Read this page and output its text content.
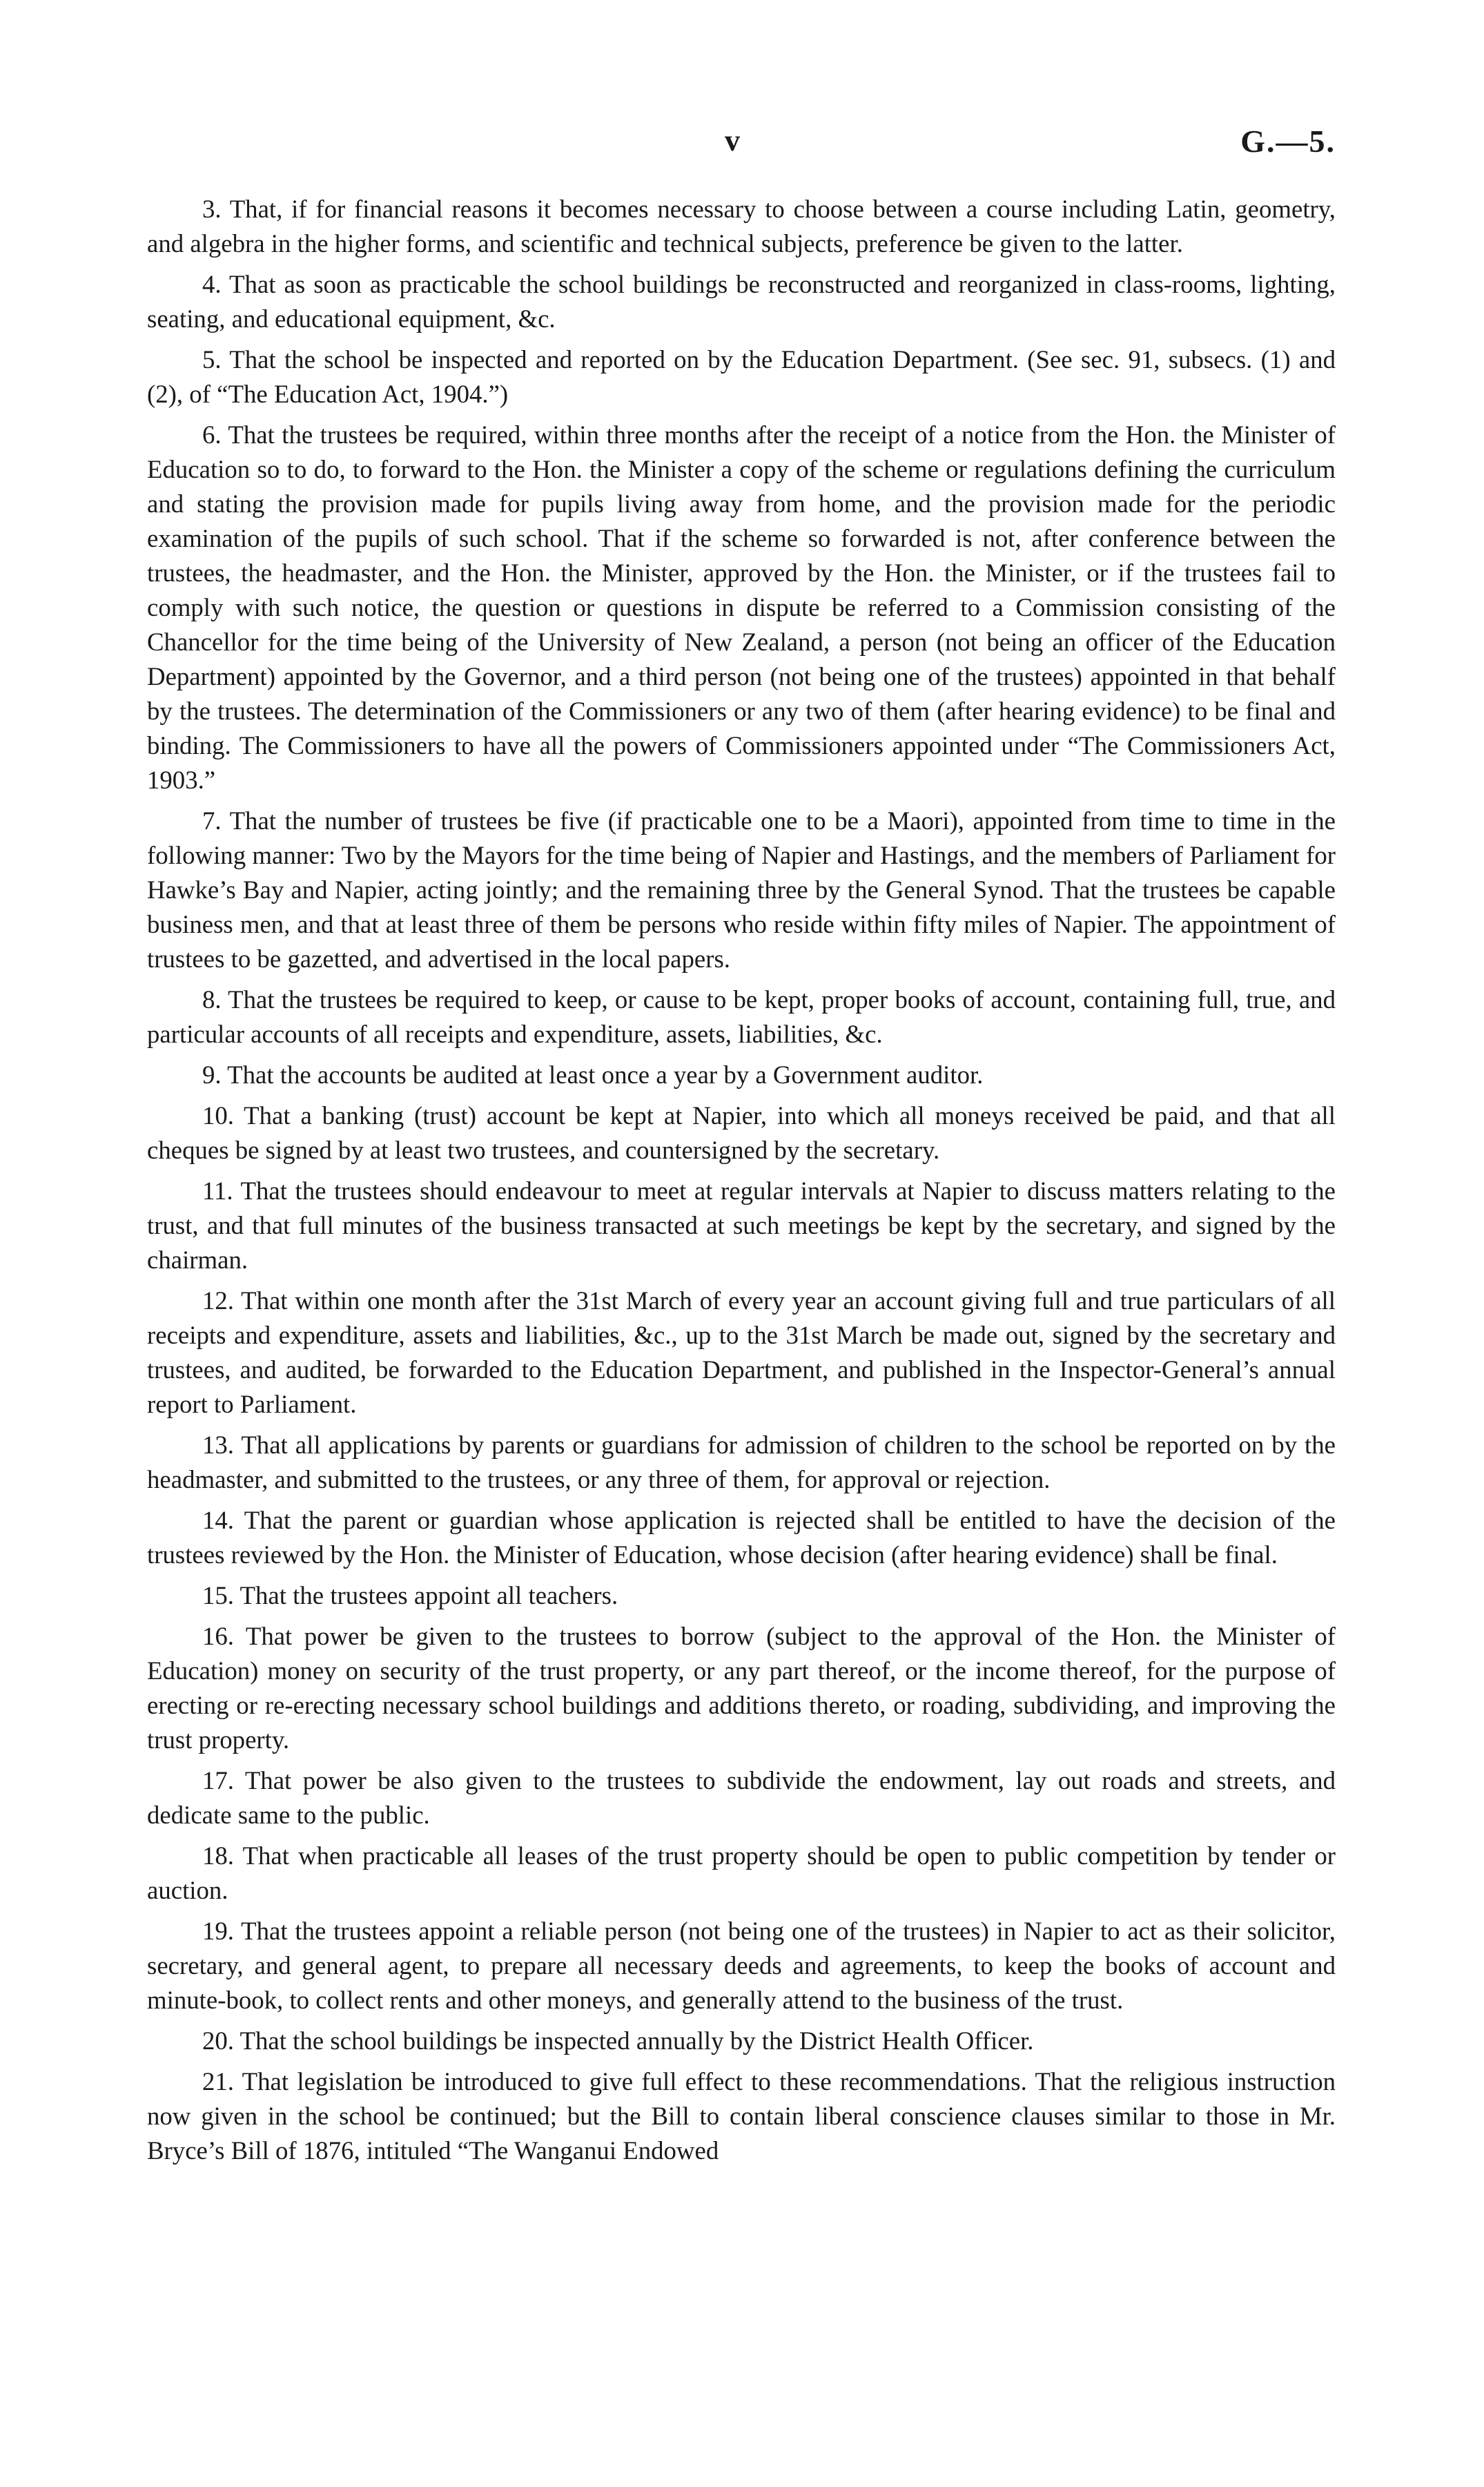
v	G.—5.

3. That, if for financial reasons it becomes necessary to choose between a course including Latin, geometry, and algebra in the higher forms, and scientific and technical subjects, preference be given to the latter.

4. That as soon as practicable the school buildings be reconstructed and reorganized in class-rooms, lighting, seating, and educational equipment, &c.

5. That the school be inspected and reported on by the Education Department. (See sec. 91, subsecs. (1) and (2), of “The Education Act, 1904.”)

6. That the trustees be required, within three months after the receipt of a notice from the Hon. the Minister of Education so to do, to forward to the Hon. the Minister a copy of the scheme or regulations defining the curriculum and stating the provision made for pupils living away from home, and the provision made for the periodic examination of the pupils of such school. That if the scheme so forwarded is not, after conference between the trustees, the headmaster, and the Hon. the Minister, approved by the Hon. the Minister, or if the trustees fail to comply with such notice, the question or questions in dispute be referred to a Commission consisting of the Chancellor for the time being of the University of New Zealand, a person (not being an officer of the Education Department) appointed by the Governor, and a third person (not being one of the trustees) appointed in that behalf by the trustees. The determination of the Commissioners or any two of them (after hearing evidence) to be final and binding. The Commissioners to have all the powers of Commissioners appointed under “The Commissioners Act, 1903.”

7. That the number of trustees be five (if practicable one to be a Maori), appointed from time to time in the following manner: Two by the Mayors for the time being of Napier and Hastings, and the members of Parliament for Hawke’s Bay and Napier, acting jointly; and the remaining three by the General Synod. That the trustees be capable business men, and that at least three of them be persons who reside within fifty miles of Napier. The appointment of trustees to be gazetted, and advertised in the local papers.

8. That the trustees be required to keep, or cause to be kept, proper books of account, containing full, true, and particular accounts of all receipts and expenditure, assets, liabilities, &c.

9. That the accounts be audited at least once a year by a Government auditor.

10. That a banking (trust) account be kept at Napier, into which all moneys received be paid, and that all cheques be signed by at least two trustees, and countersigned by the secretary.

11. That the trustees should endeavour to meet at regular intervals at Napier to discuss matters relating to the trust, and that full minutes of the business transacted at such meetings be kept by the secretary, and signed by the chairman.

12. That within one month after the 31st March of every year an account giving full and true particulars of all receipts and expenditure, assets and liabilities, &c., up to the 31st March be made out, signed by the secretary and trustees, and audited, be forwarded to the Education Department, and published in the Inspector-General’s annual report to Parliament.

13. That all applications by parents or guardians for admission of children to the school be reported on by the headmaster, and submitted to the trustees, or any three of them, for approval or rejection.

14. That the parent or guardian whose application is rejected shall be entitled to have the decision of the trustees reviewed by the Hon. the Minister of Education, whose decision (after hearing evidence) shall be final.

15. That the trustees appoint all teachers.

16. That power be given to the trustees to borrow (subject to the approval of the Hon. the Minister of Education) money on security of the trust property, or any part thereof, or the income thereof, for the purpose of erecting or re-erecting necessary school buildings and additions thereto, or roading, subdividing, and improving the trust property.

17. That power be also given to the trustees to subdivide the endowment, lay out roads and streets, and dedicate same to the public.

18. That when practicable all leases of the trust property should be open to public competition by tender or auction.

19. That the trustees appoint a reliable person (not being one of the trustees) in Napier to act as their solicitor, secretary, and general agent, to prepare all necessary deeds and agreements, to keep the books of account and minute-book, to collect rents and other moneys, and generally attend to the business of the trust.

20. That the school buildings be inspected annually by the District Health Officer.

21. That legislation be introduced to give full effect to these recommendations. That the religious instruction now given in the school be continued; but the Bill to contain liberal conscience clauses similar to those in Mr. Bryce’s Bill of 1876, intituled “The Wanganui Endowed
